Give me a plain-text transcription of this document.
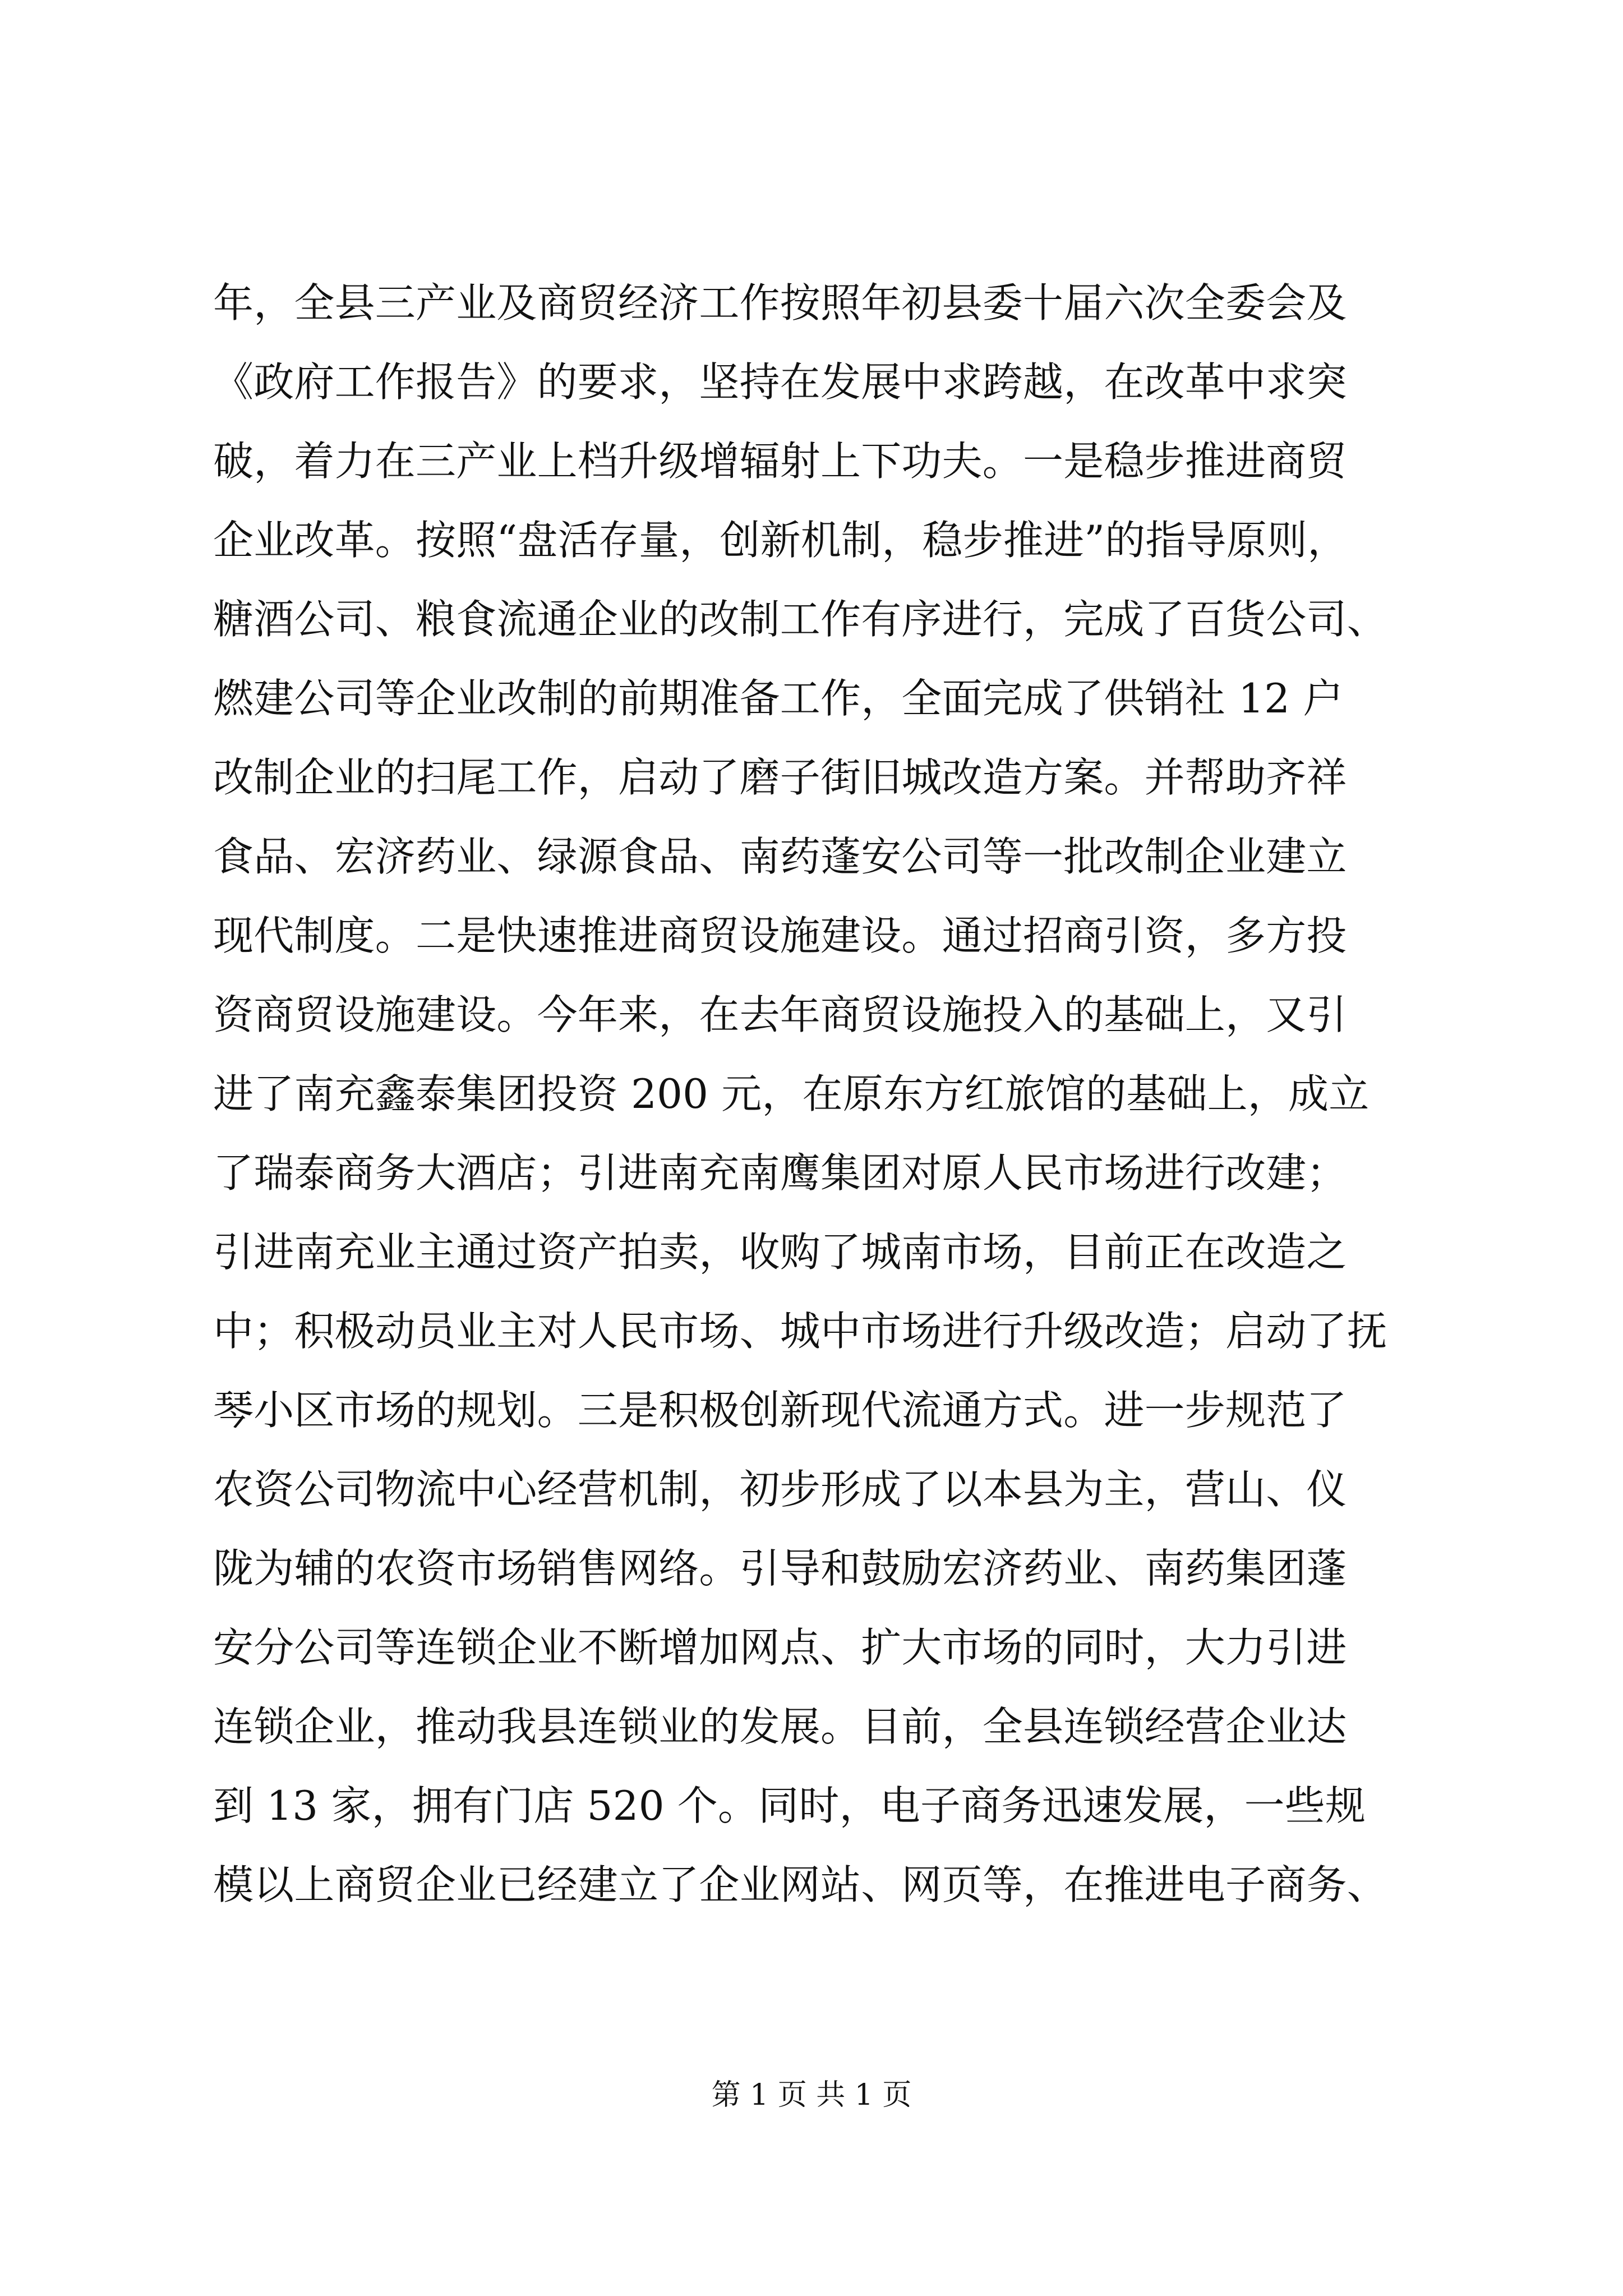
年，全县三产业及商贸经济工作按照年初县委十届六次全委会及
《政府工作报告》的要求，坚持在发展中求跨越，在改革中求突
破，着力在三产业上档升级增辐射上下功夫。一是稳步推进商贸
企业改革。按照“盘活存量，创新机制，稳步推进”的指导原则，
糖酒公司、粮食流通企业的改制工作有序进行，完成了百货公司、
燃建公司等企业改制的前期准备工作，全面完成了供销社 12 户
改制企业的扫尾工作，启动了磨子街旧城改造方案。并帮助齐祥
食品、宏济药业、绿源食品、南药蓬安公司等一批改制企业建立
现代制度。二是快速推进商贸设施建设。通过招商引资，多方投
资商贸设施建设。今年来，在去年商贸设施投入的基础上，又引
进了南充鑫泰集团投资 200 元，在原东方红旅馆的基础上，成立
了瑞泰商务大酒店；引进南充南鹰集团对原人民市场进行改建；
引进南充业主通过资产拍卖，收购了城南市场，目前正在改造之
中；积极动员业主对人民市场、城中市场进行升级改造；启动了抚
琴小区市场的规划。三是积极创新现代流通方式。进一步规范了
农资公司物流中心经营机制，初步形成了以本县为主，营山、仪
陇为辅的农资市场销售网络。引导和鼓励宏济药业、南药集团蓬
安分公司等连锁企业不断增加网点、扩大市场的同时，大力引进
连锁企业，推动我县连锁业的发展。目前，全县连锁经营企业达
到 13 家，拥有门店 520 个。同时，电子商务迅速发展，一些规
模以上商贸企业已经建立了企业网站、网页等，在推进电子商务、
第 1 页 共 1 页
